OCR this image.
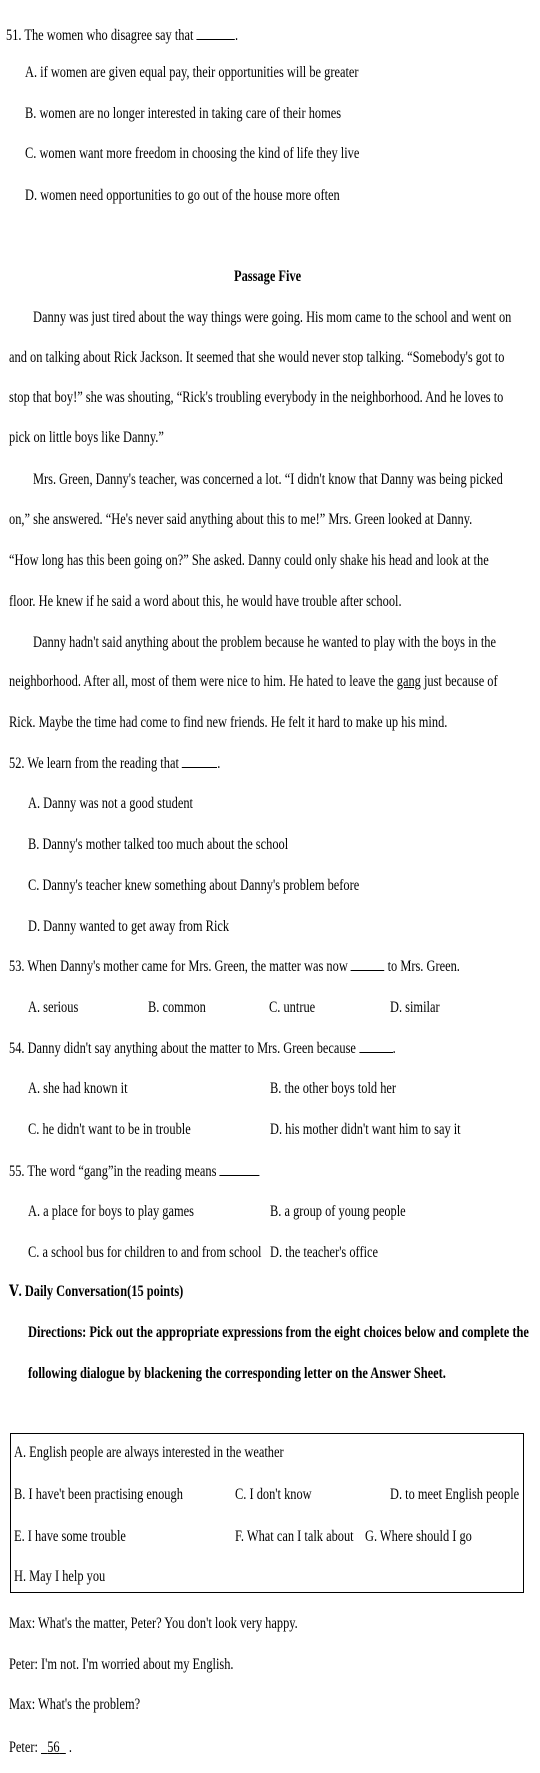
51. The women who disagree say that	.
A. if women are given equal pay, their opportunities will be greater
B. women are no longer interested in taking care of their homes
C. women want more freedom in choosing the kind of life they live
D. women need opportunities to go out of the house more often
Passage Five
Danny was just tired about the way things were going. His mom came to the school and went on
and on talking about Rick Jackson. It seemed that she would never stop talking. “Somebody's got to
stop that boy!” she was shouting, “Rick's troubling everybody in the neighborhood. And he loves to
pick on little boys like Danny.”
Mrs. Green, Danny's teacher, was concerned a lot. “I didn't know that Danny was being picked
on,” she answered. “He's never said anything about this to me!” Mrs. Green looked at Danny.
“How long has this been going on?” She asked. Danny could only shake his head and look at the
floor. He knew if he said a word about this, he would have trouble after school.
Danny hadn't said anything about the problem because he wanted to play with the boys in the
neighborhood. After all, most of them were nice to him. He hated to leave the gang just because of
Rick. Maybe the time had come to find new friends. He felt it hard to make up his mind.
52. We learn from the reading that .
A. Danny was not a good student
B. Danny's mother talked too much about the school
C. Danny's teacher knew something about Danny's problem before
D. Danny wanted to get away from Rick
53. When Danny's mother came for Mrs. Green, the matter was now	to Mrs. Green.
A. serious	B. common	C. untrue	D. similar
54. Danny didn't say anything about the matter to Mrs. Green because .
A. she had known it	B. the other boys told her
C. he didn't want to be in trouble	D. his mother didn't want him to say it
55. The word “gang”in the reading means
A. a place for boys to play games	B. a group of young people
C. a school bus for children to and from school D. the teacher's office
Ⅴ. Daily Conversation(15 points)
Directions: Pick out the appropriate expressions from the eight choices below and complete the
following dialogue by blackening the corresponding letter on the Answer Sheet.
A. English people are always interested in the weather
B. I have't been practising enough	C. I don't know	D. to meet English people
E. I have some trouble	F. What can I talk about G. Where should I go
H. May I help you
Max: What's the matter, Peter? You don't look very happy.
Peter: I'm not. I'm worried about my English.
Max: What's the problem?
Peter: 56 .
